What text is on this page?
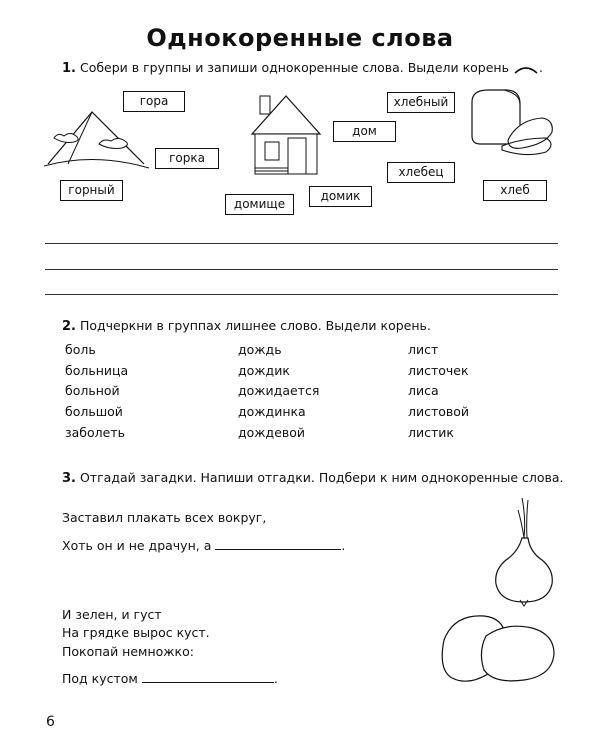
Однокоренные слова
1. Собери в группы и запиши однокоренные слова. Выдели корень .
гора
горка
горный
дом
хлебный
хлебец
домик
домище
хлеб
2. Подчеркни в группах лишнее слово. Выдели корень.
боль
больница
больной
большой
заболеть
дождь
дождик
дожидается
дождинка
дождевой
лист
листочек
лиса
листовой
листик
3. Отгадай загадки. Напиши отгадки. Подбери к ним однокоренные слова.
Заставил плакать всех вокруг,
Хоть он и не драчун, а	.
И зелен, и густ
На грядке вырос куст.
Покопай немножко:
Под кустом	.
6
